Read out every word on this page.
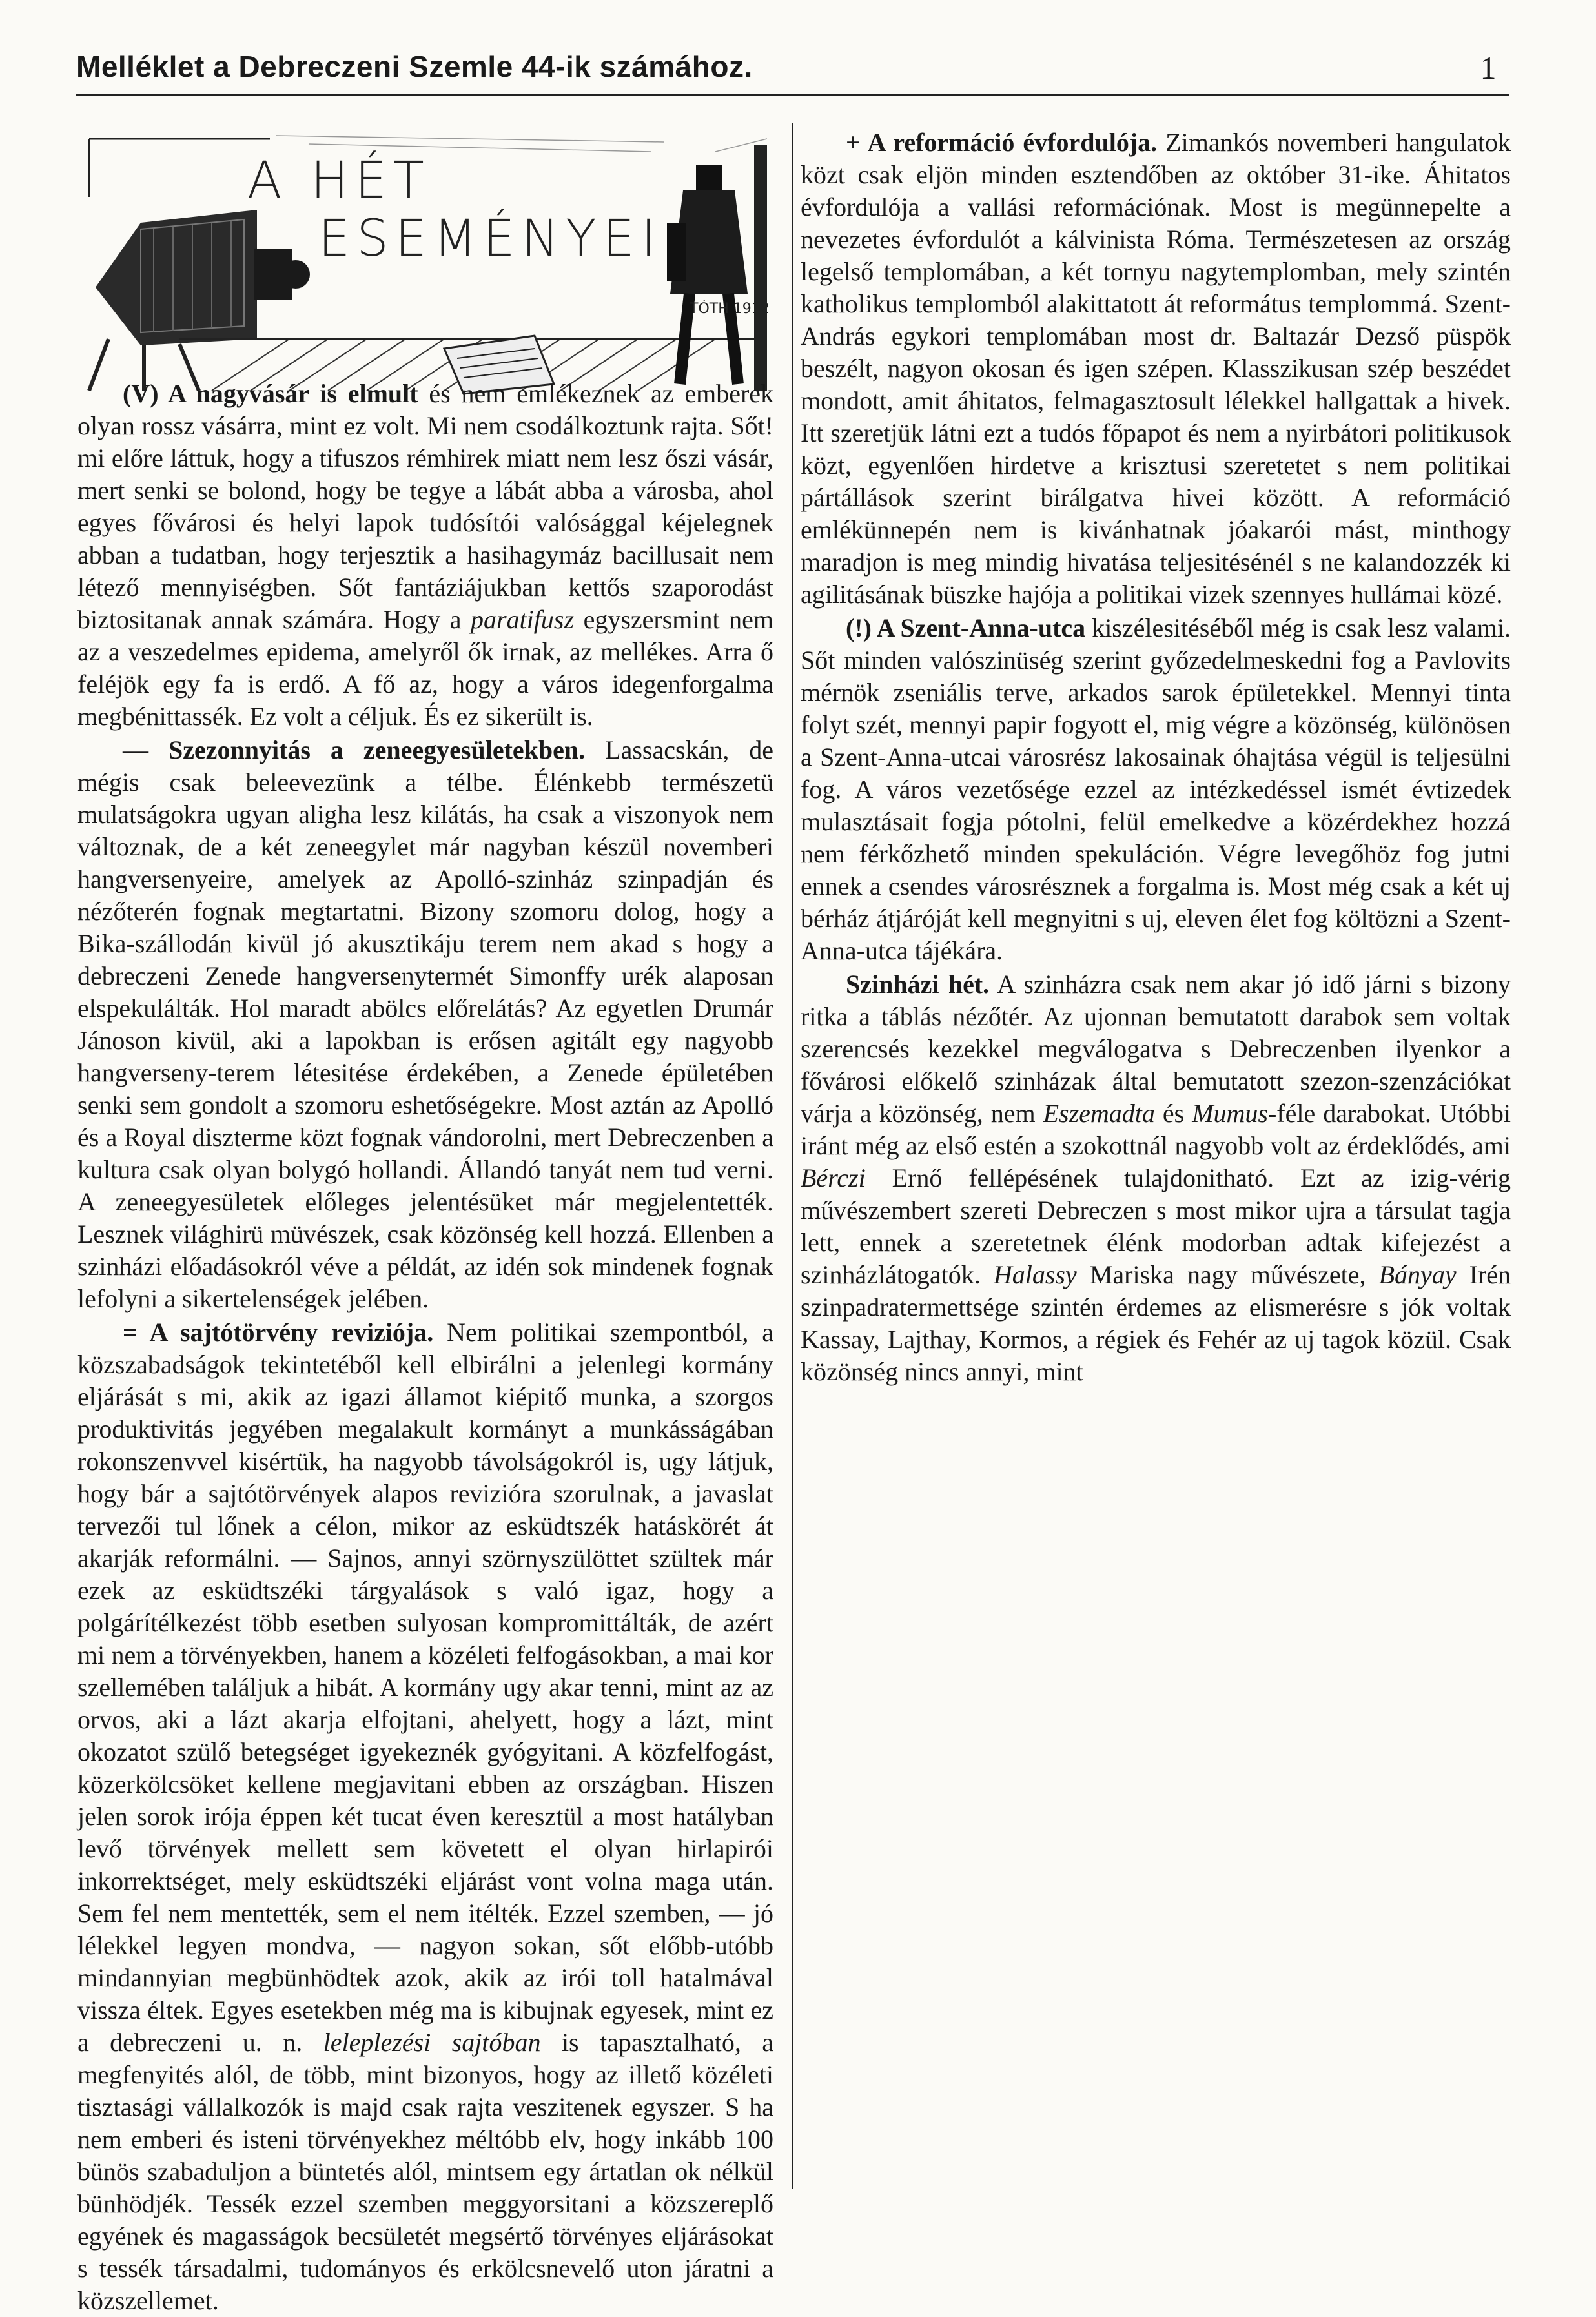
Melléklet a Debreczeni Szemle 44-ik számához.	1
TÓTH 1912
A HÉT
ESEMÉNYEI

(V) A nagyvásár is elmult és nem emlékeznek az emberek olyan rossz vásárra, mint ez volt. Mi nem csodálkoztunk rajta. Sőt! mi előre láttuk, hogy a tifuszos rémhirek miatt nem lesz őszi vásár, mert senki se bolond, hogy be tegye a lábát abba a városba, ahol egyes fővárosi és helyi lapok tudósítói valósággal kéjelegnek abban a tudatban, hogy terjesztik a hasihagymáz bacillusait nem létező mennyiségben. Sőt fantáziájukban kettős szaporodást biztositanak annak számára. Hogy a paratifusz egyszersmint nem az a veszedelmes epidema, amelyről ők irnak, az mellékes. Arra ő feléjök egy fa is erdő. A fő az, hogy a város idegenforgalma megbénittassék. Ez volt a céljuk. És ez sikerült is.

— Szezonnyitás a zeneegyesületekben. Lassacskán, de mégis csak beleevezünk a télbe. Élénkebb természetü mulatságokra ugyan aligha lesz kilátás, ha csak a viszonyok nem változnak, de a két zeneegylet már nagyban készül novemberi hangversenyeire, amelyek az Apolló-szinház szinpadján és nézőterén fognak megtartatni. Bizony szomoru dolog, hogy a Bika-szállodán kivül jó akusztikáju terem nem akad s hogy a debreczeni Zenede hangversenytermét Simonffy urék alaposan elspekulálták. Hol maradt abölcs előrelátás? Az egyetlen Drumár Jánoson kivül, aki a lapokban is erősen agitált egy nagyobb hangverseny-terem létesitése érdekében, a Zenede épületében senki sem gondolt a szomoru eshetőségekre. Most aztán az Apolló és a Royal diszterme közt fognak vándorolni, mert Debreczenben a kultura csak olyan bolygó hollandi. Állandó tanyát nem tud verni. A zeneegyesületek előleges jelentésüket már megjelentették. Lesznek világhirü müvészek, csak közönség kell hozzá. Ellenben a szinházi előadásokról véve a példát, az idén sok mindenek fognak lefolyni a sikertelenségek jelében.

= A sajtótörvény reviziója. Nem politikai szempontból, a közszabadságok tekintetéből kell elbirálni a jelenlegi kormány eljárását s mi, akik az igazi államot kiépitő munka, a szorgos produktivitás jegyében megalakult kormányt a munkásságában rokonszenvvel kisértük, ha nagyobb távolságokról is, ugy látjuk, hogy bár a sajtótörvények alapos revizióra szorulnak, a javaslat tervezői tul lőnek a célon, mikor az esküdtszék hatáskörét át akarják reformálni. — Sajnos, annyi szörnyszülöttet szültek már ezek az esküdtszéki tárgyalások s való igaz, hogy a polgárítélkezést több esetben sulyosan kompromittálták, de azért mi nem a törvényekben, hanem a közéleti felfogásokban, a mai kor szellemében találjuk a hibát. A kormány ugy akar tenni, mint az az orvos, aki a lázt akarja elfojtani, ahelyett, hogy a lázt, mint okozatot szülő betegséget igyekeznék gyógyitani. A közfelfogást, közerkölcsöket kellene megjavitani ebben az országban. Hiszen jelen sorok irója éppen két tucat éven keresztül a most hatályban levő törvények mellett sem követett el olyan hirlapirói inkorrektséget, mely esküdtszéki eljárást vont volna maga után. Sem fel nem mentették, sem el nem itélték. Ezzel szemben, — jó lélekkel legyen mondva, — nagyon sokan, sőt előbb-utóbb mindannyian megbünhödtek azok, akik az irói toll hatalmával vissza éltek. Egyes esetekben még ma is kibujnak egyesek, mint ez a debreczeni u. n. leleplezési sajtóban is tapasztalható, a megfenyités alól, de több, mint bizonyos, hogy az illető közéleti tisztasági vállalkozók is majd csak rajta veszitenek egyszer. S ha nem emberi és isteni törvényekhez méltóbb elv, hogy inkább 100 bünös szabaduljon a büntetés alól, mintsem egy ártatlan ok nélkül bünhödjék. Tessék ezzel szemben meggyorsitani a közszereplő egyének és magasságok becsületét megsértő törvényes eljárásokat s tessék társadalmi, tudományos és erkölcsnevelő uton járatni a közszellemet.

+ A reformáció évfordulója. Zimankós novemberi hangulatok közt csak eljön minden esztendőben az október 31-ike. Áhitatos évfordulója a vallási reformációnak. Most is megünnepelte a nevezetes évfordulót a kálvinista Róma. Természetesen az ország legelső templomában, a két tornyu nagytemplomban, mely szintén katholikus templomból alakittatott át református templommá. Szent-András egykori templomában most dr. Baltazár Dezső püspök beszélt, nagyon okosan és igen szépen. Klasszikusan szép beszédet mondott, amit áhitatos, felmagasztosult lélekkel hallgattak a hivek. Itt szeretjük látni ezt a tudós főpapot és nem a nyirbátori politikusok közt, egyenlően hirdetve a krisztusi szeretetet s nem politikai pártállások szerint birálgatva hivei között. A reformáció emlékünnepén nem is kivánhatnak jóakarói mást, minthogy maradjon is meg mindig hivatása teljesitésénél s ne kalandozzék ki agilitásának büszke hajója a politikai vizek szennyes hullámai közé.

(!) A Szent-Anna-utca kiszélesitéséből még is csak lesz valami. Sőt minden valószinüség szerint győzedelmeskedni fog a Pavlovits mérnök zseniális terve, arkados sarok épületekkel. Mennyi tinta folyt szét, mennyi papir fogyott el, mig végre a közönség, különösen a Szent-Anna-utcai városrész lakosainak óhajtása végül is teljesülni fog. A város vezetősége ezzel az intézkedéssel ismét évtizedek mulasztásait fogja pótolni, felül emelkedve a közérdekhez hozzá nem férkőzhető minden spekuláción. Végre levegőhöz fog jutni ennek a csendes városrésznek a forgalma is. Most még csak a két uj bérház átjáróját kell megnyitni s uj, eleven élet fog költözni a Szent-Anna-utca tájékára.

Szinházi hét. A szinházra csak nem akar jó idő járni s bizony ritka a táblás nézőtér. Az ujonnan bemutatott darabok sem voltak szerencsés kezekkel megválogatva s Debreczenben ilyenkor a fővárosi előkelő szinházak által bemutatott szezon-szenzációkat várja a közönség, nem Eszemadta és Mumus-féle darabokat. Utóbbi iránt még az első estén a szokottnál nagyobb volt az érdeklődés, ami Bérczi Ernő fellépésének tulajdonitható. Ezt az izig-vérig művészembert szereti Debreczen s most mikor ujra a társulat tagja lett, ennek a szeretetnek élénk modorban adtak kifejezést a szinházlátogatók. Halassy Mariska nagy művészete, Bányay Irén szinpadratermettsége szintén érdemes az elismerésre s jók voltak Kassay, Lajthay, Kormos, a régiek és Fehér az uj tagok közül. Csak közönség nincs annyi, mint
